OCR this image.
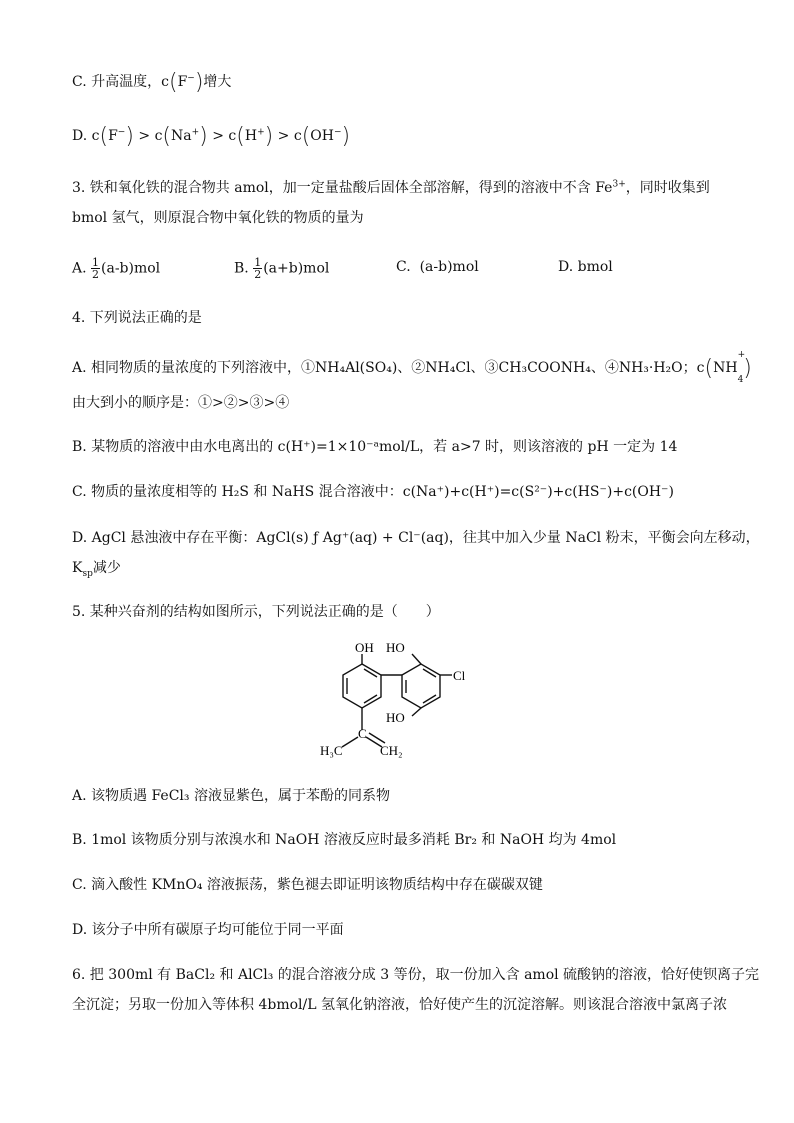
C. 升高温度，c(F−)增大
D. c(F−) > c(Na+) > c(H+) > c(OH−)
3. 铁和氧化铁的混合物共 amol，加一定量盐酸后固体全部溶解，得到的溶液中不含 $Fe^{3+}$，同时收集到
bmol 氢气，则原混合物中氧化铁的物质的量为
A. $\frac{1}{2} (a-b)mol$	B. $\frac{1}{2} (a+b)mol$	C. (a-b)mol	D. bmol
4. 下列说法正确的是
A. 相同物质的量浓度的下列溶液中，①NH₄Al(SO₄)、②NH₄Cl、③CH₃COONH₄、④NH₃·H₂O；c(NH
+
$_4$)
由大到小的顺序是：①>②>③>④
B. 某物质的溶液中由水电离出的 c(H⁺)=1×10⁻ᵃmol/L，若 a>7 时，则该溶液的 pH 一定为 14
C. 物质的量浓度相等的 H₂S 和 NaHS 混合溶液中：c(Na⁺)+c(H⁺)=c(S²⁻)+c(HS⁻)+c(OH⁻)
D. AgCl 悬浊液中存在平衡：AgCl(s) ƒ Ag⁺(aq) + Cl⁻(aq)，往其中加入少量 NaCl 粉末，平衡会向左移动，
$K_{sp}$减少
5. 某种兴奋剂的结构如图所示，下列说法正确的是（　　）
OH HO
Cl
HO
C
H₃C	CH₂
A. 该物质遇 FeCl₃ 溶液显紫色，属于苯酚的同系物
B. 1mol 该物质分别与浓溴水和 NaOH 溶液反应时最多消耗 Br₂ 和 NaOH 均为 4mol
C. 滴入酸性 KMnO₄ 溶液振荡，紫色褪去即证明该物质结构中存在碳碳双键
D. 该分子中所有碳原子均可能位于同一平面
6. 把 300ml 有 BaCl₂ 和 AlCl₃ 的混合溶液分成 3 等份，取一份加入含 amol 硫酸钠的溶液，恰好使钡离子完
全沉淀；另取一份加入等体积 4bmol/L 氢氧化钠溶液，恰好使产生的沉淀溶解。则该混合溶液中氯离子浓
